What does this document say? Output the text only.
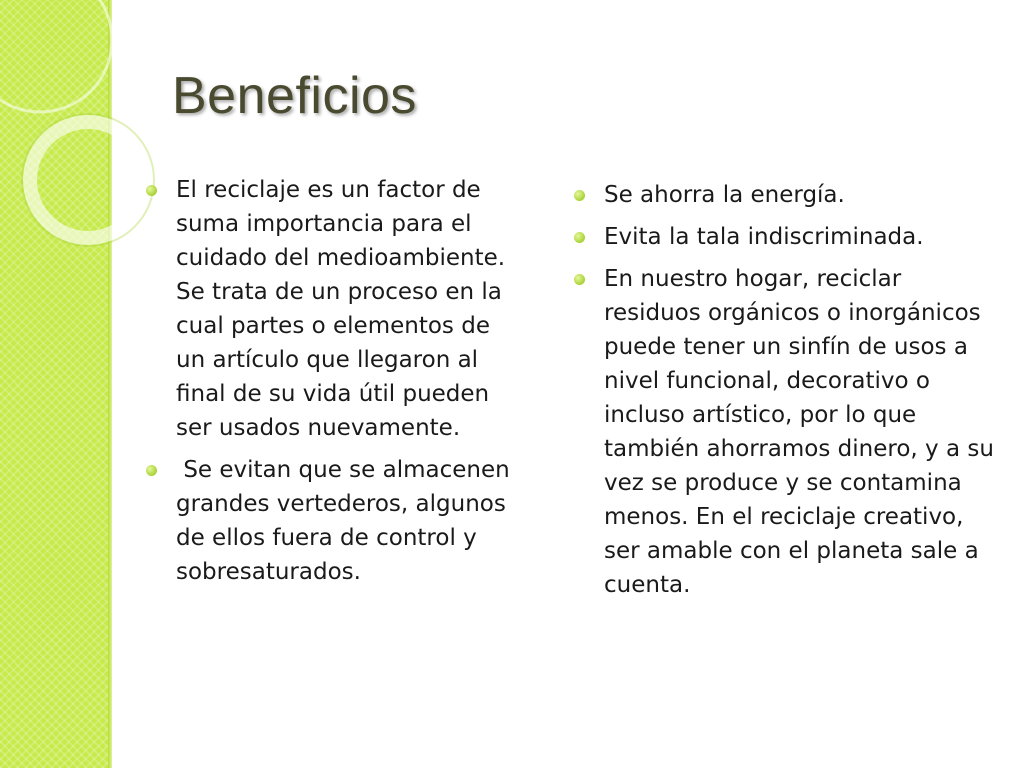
Beneficios
El reciclaje es un factor de suma importancia para el cuidado del medioambiente. Se trata de un proceso en la cual partes o elementos de un artículo que llegaron al final de su vida útil pueden ser usados nuevamente.
Se evitan que se almacenen grandes vertederos, algunos de ellos fuera de control y sobresaturados.
Se ahorra la energía.
Evita la tala indiscriminada.
En nuestro hogar, reciclar residuos orgánicos o inorgánicos puede tener un sinfín de usos a nivel funcional, decorativo o incluso artístico, por lo que también ahorramos dinero, y a su vez se produce y se contamina menos. En el reciclaje creativo, ser amable con el planeta sale a cuenta.
